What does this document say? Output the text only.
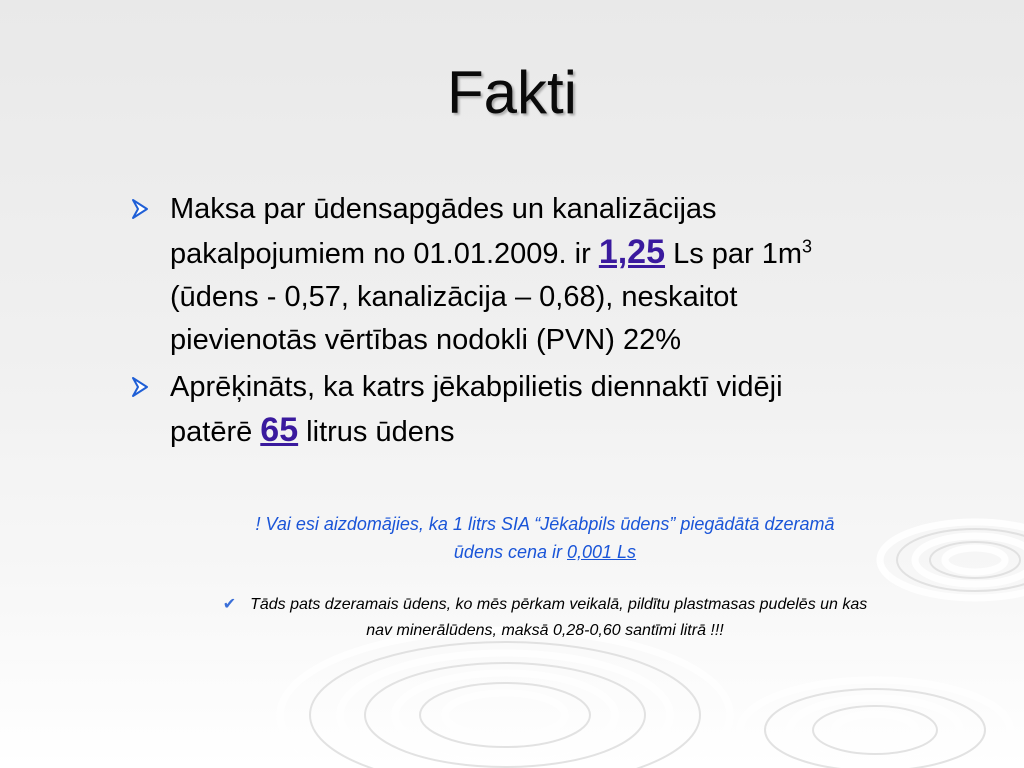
Fakti
Maksa par ūdensapgādes un kanalizācijas
pakalpojumiem no 01.01.2009. ir 1,25 Ls par $1m^3$
(ūdens - 0,57, kanalizācija – 0,68), neskaitot
pievienotās vērtības nodokli (PVN) 22%
Aprēķināts, ka katrs jēkabpilietis diennaktī vidēji
patērē 65 litrus ūdens
! Vai esi aizdomājies, ka 1 litrs SIA “Jēkabpils ūdens” piegādātā dzeramā
ūdens cena ir 0,001 Ls
✔ Tāds pats dzeramais ūdens, ko mēs pērkam veikalā, pildītu plastmasas pudelēs un kas
nav minerālūdens, maksā 0,28-0,60 santīmi litrā !!!
